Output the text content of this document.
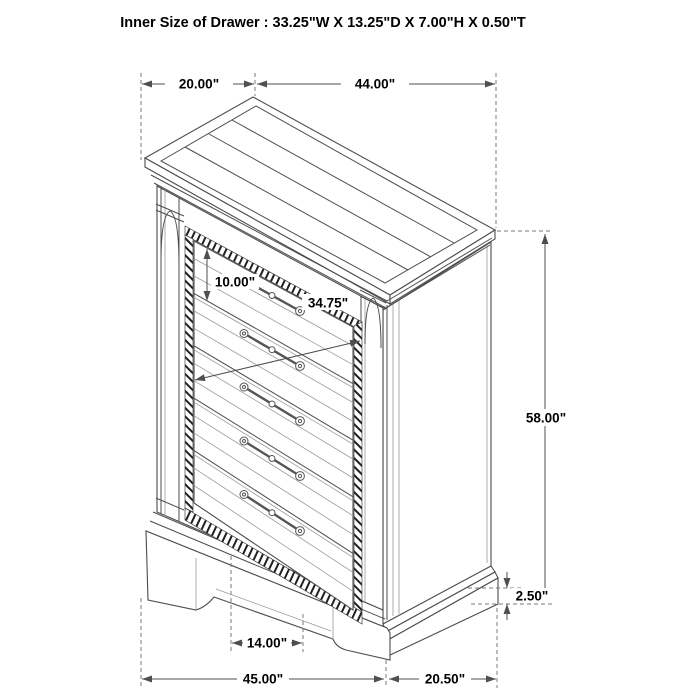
20.00"	44.00"
58.00"
2.50"
14.00"
45.00"	20.50"
10.00"
34.75"
Inner Size of Drawer : 33.25"W X 13.25"D X 7.00"H X 0.50"T
